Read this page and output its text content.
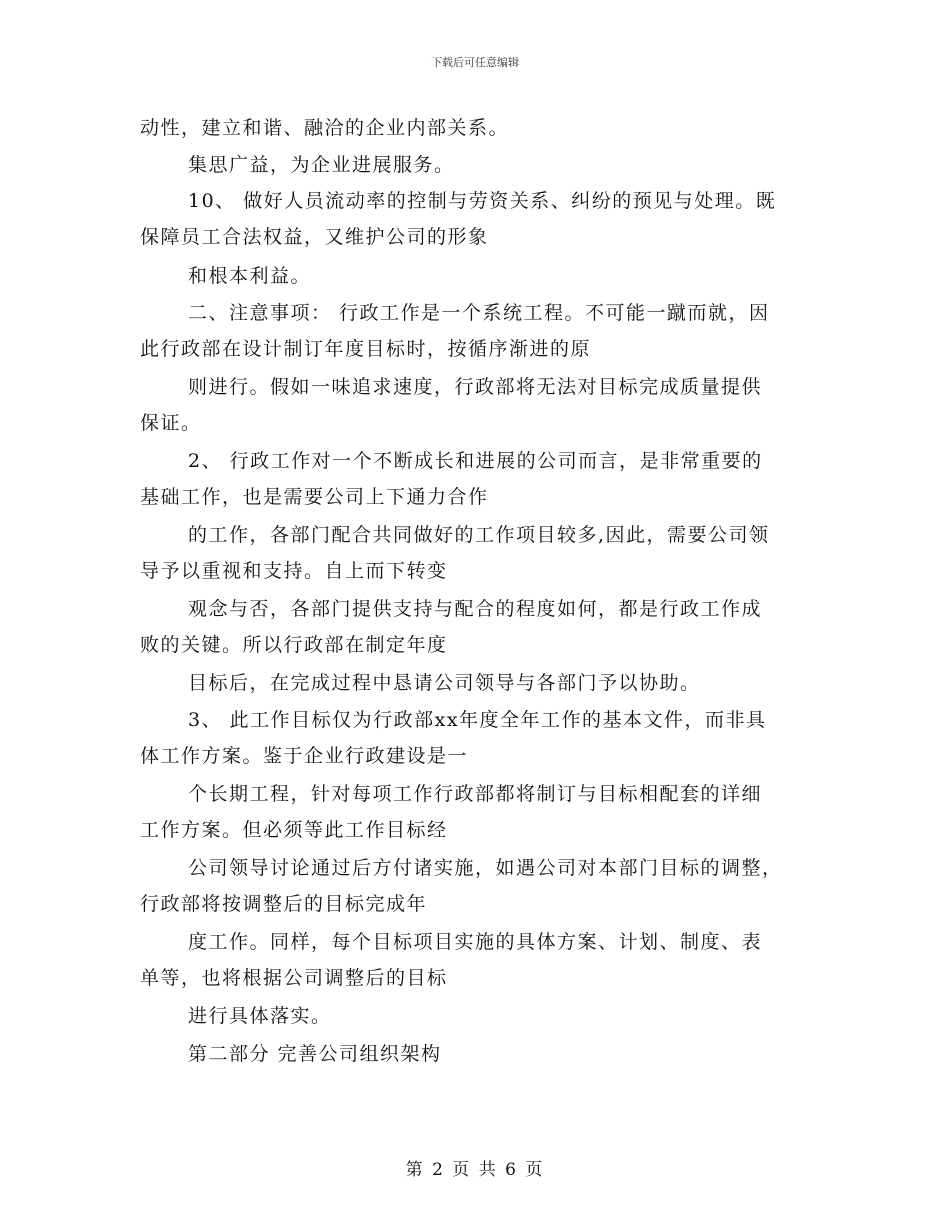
下载后可任意编辑
动性，建立和谐、融洽的企业内部关系。
集思广益，为企业进展服务。
10、 做好人员流动率的控制与劳资关系、纠纷的预见与处理。既
保障员工合法权益，又维护公司的形象
和根本利益。
二、注意事项： 行政工作是一个系统工程。不可能一蹴而就，因
此行政部在设计制订年度目标时，按循序渐进的原
则进行。假如一味追求速度，行政部将无法对目标完成质量提供
保证。
2、 行政工作对一个不断成长和进展的公司而言，是非常重要的
基础工作，也是需要公司上下通力合作
的工作，各部门配合共同做好的工作项目较多,因此，需要公司领
导予以重视和支持。自上而下转变
观念与否，各部门提供支持与配合的程度如何，都是行政工作成
败的关键。所以行政部在制定年度
目标后，在完成过程中恳请公司领导与各部门予以协助。
3、 此工作目标仅为行政部xx年度全年工作的基本文件，而非具
体工作方案。鉴于企业行政建设是一
个长期工程，针对每项工作行政部都将制订与目标相配套的详细
工作方案。但必须等此工作目标经
公司领导讨论通过后方付诸实施，如遇公司对本部门目标的调整，
行政部将按调整后的目标完成年
度工作。同样，每个目标项目实施的具体方案、计划、制度、表
单等，也将根据公司调整后的目标
进行具体落实。
第二部分 完善公司组织架构
第 2 页 共 6 页
